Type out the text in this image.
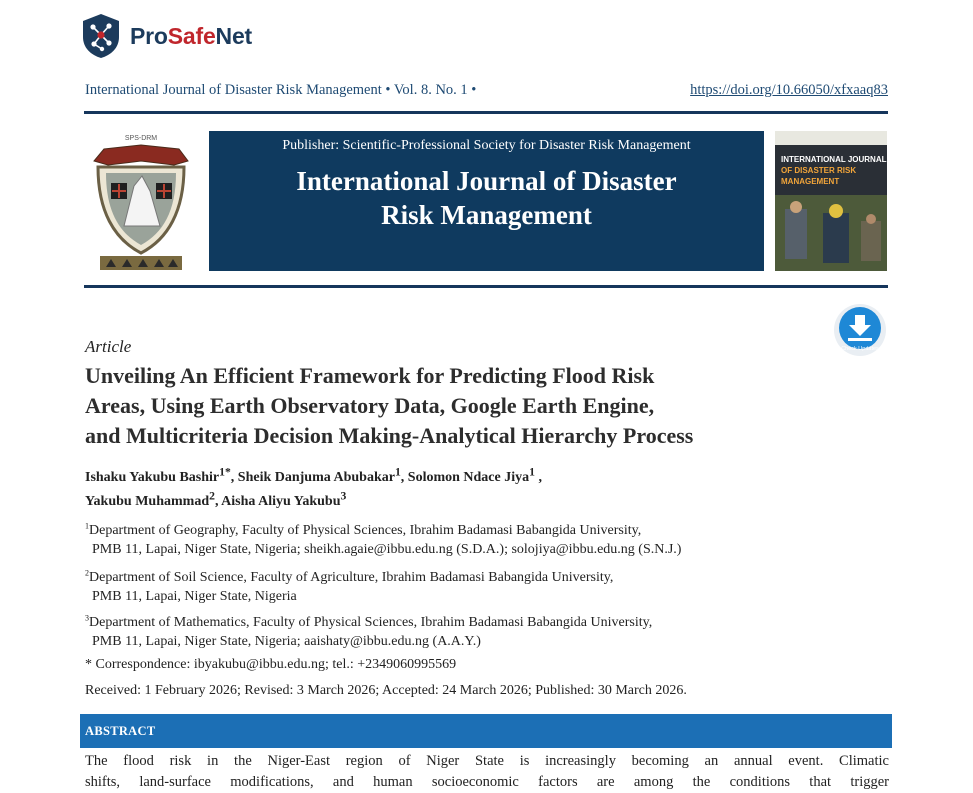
ProSafeNet
International Journal of Disaster Risk Management • Vol. 8. No. 1 •	https://doi.org/10.66050/xfxaaq83
SPS-DRM	Publisher: Scientific-Professional Society for Disaster Risk Management
International Journal of Disaster
Risk Management
INTERNATIONAL JOURNAL
OF DISASTER RISK
MANAGEMENT
Check Updates
Article
Unveiling An Efficient Framework for Predicting Flood Risk
Areas, Using Earth Observatory Data, Google Earth Engine,
and Multicriteria Decision Making-Analytical Hierarchy Process
Ishaku Yakubu Bashir$^{1*}$, Sheik Danjuma Abubakar$^1$, Solomon Ndace Jiya$^1$ ,
Yakubu Muhammad$^2$, Aisha Aliyu Yakubu$^3$
$^1$Department of Geography, Faculty of Physical Sciences, Ibrahim Badamasi Babangida University,
PMB 11, Lapai, Niger State, Nigeria; sheikh.agaie@ibbu.edu.ng (S.D.A.); solojiya@ibbu.edu.ng (S.N.J.)
$^2$Department of Soil Science, Faculty of Agriculture, Ibrahim Badamasi Babangida University,
PMB 11, Lapai, Niger State, Nigeria
$^3$Department of Mathematics, Faculty of Physical Sciences, Ibrahim Badamasi Babangida University,
PMB 11, Lapai, Niger State, Nigeria; aaishaty@ibbu.edu.ng (A.A.Y.)
* Correspondence: ibyakubu@ibbu.edu.ng; tel.: +2349060995569
Received: 1 February 2026; Revised: 3 March 2026; Accepted: 24 March 2026; Published: 30 March 2026.
ABSTRACT
The flood risk in the Niger-East region of Niger State is increasingly becoming an annual event. Climatic
shifts, land-surface modifications, and human socioeconomic factors are among the conditions that trigger
